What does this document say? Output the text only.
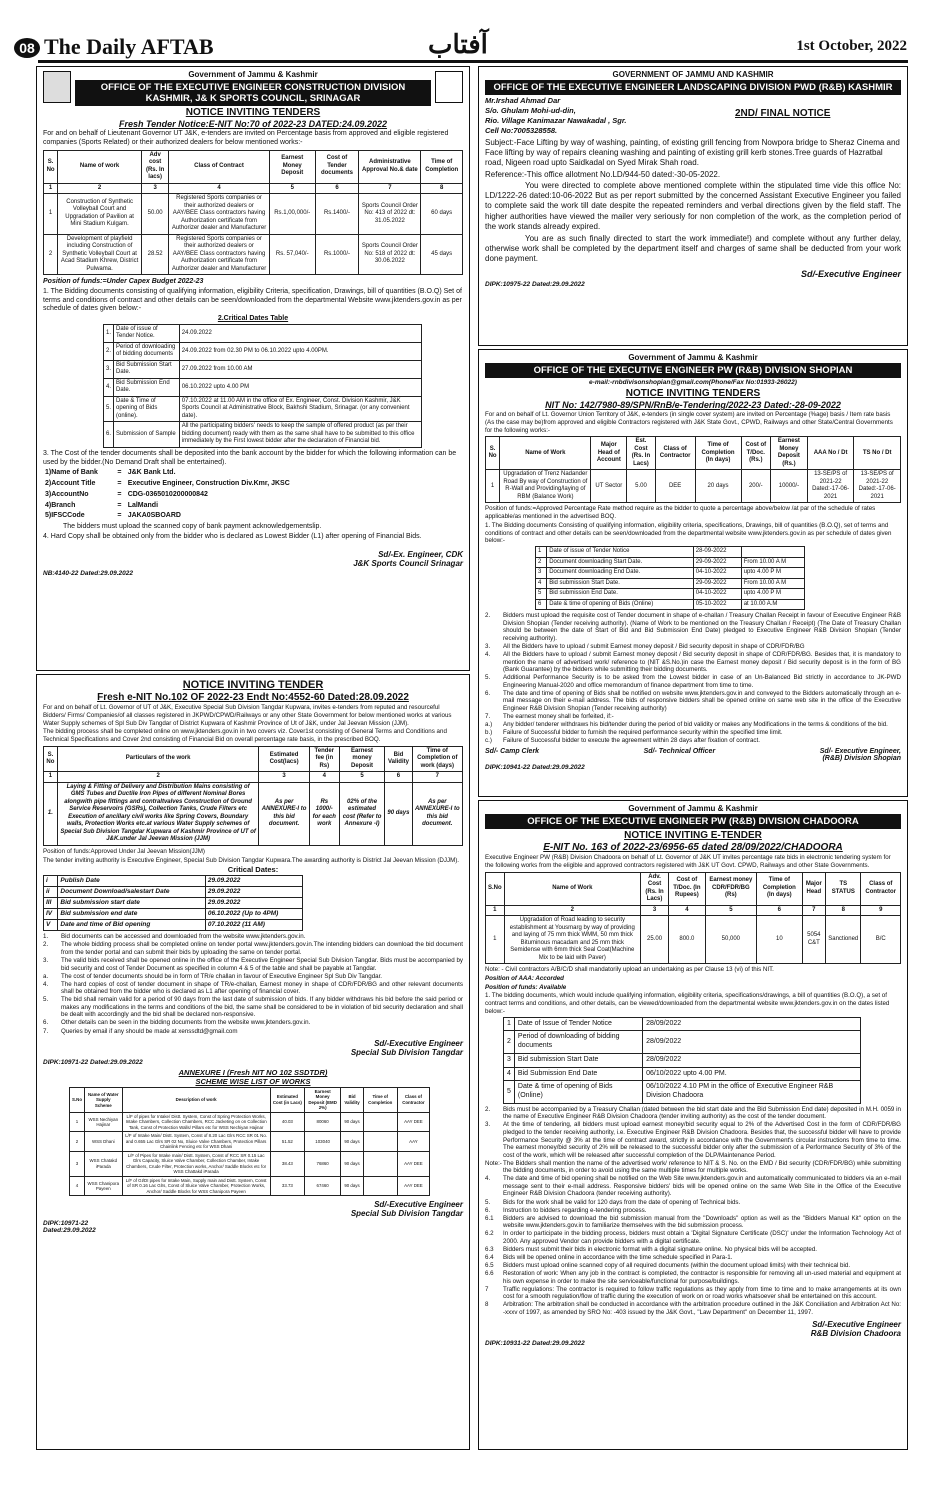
08 The Daily AFTAB	آفتاب	1st October, 2022
Government of Jammu & Kashmir
OFFICE OF THE EXECUTIVE ENGINEER CONSTRUCTION DIVISION KASHMIR, J& K SPORTS COUNCIL, SRINAGAR
NOTICE INVITING TENDERS
Fresh Tender Notice:E-NIT No:70 of 2022-23 DATED:24.09.2022

For and on behalf of Lieutenant Governor UT J&K, e-tenders are invited on Percentage basis from approved and eligible registered companies (Sports Related) or their authorized dealers for below mentioned works:-

S. No	Name of work	Adv cost (Rs. In lacs)	Class of Contract	Earnest Money Deposit	Cost of Tender documents	Administrative Approval No.& date	Time of Completion
1	2	3	4	5	6	7	8
1	Construction of Synthetic Volleyball Court and Upgradation of Pavilion at Mini Stadium Kulgam.	50.00	Registered Sports companies or their authorized dealers or AAY/BEE Class contractors having Authorization certificate from Authorizer dealer and Manufacturer	Rs.1,00,000/-	Rs.1400/-	Sports Council Order No: 413 of 2022 dt: 31.05.2022	60 days
2	Development of playfield including Construction of Synthetic Volleyball Court at Acad Stadium Khrew, District Pulwama.	28.52	Registered Sports companies or their authorized dealers or AAY/BEE Class contractors having Authorization certificate from Authorizer dealer and Manufacturer	Rs. 57,040/-	Rs.1000/-	Sports Council Order No: 518 of 2022 dt: 30.06.2022	45 days

Position of funds:=Under Capex Budget 2022-23

1. The Bidding documents consisting of qualifying information, eligibility Criteria, specification, Drawings, bill of quantities (B.O.Q) Set of terms and conditions of contract and other details can be seen/downloaded from the departmental Website www.jktenders.gov.in as per schedule of dates given below:-

2.Critical Dates Table
1.	Date of issue of Tender Notice.	24.09.2022
2.	Period of downloading of bidding documents	24.09.2022 from 02.30 PM to 06.10.2022 upto 4.00PM.
3.	Bid Submission Start Date.	27.09.2022 from 10.00 AM
4.	Bid Submission End Date.	06.10.2022 upto 4.00 PM
5.	Date & Time of opening of Bids (online).	07.10.2022 at 11.00 AM in the office of Ex. Engineer, Const. Division Kashmir, J&K Sports Council at Administrative Block, Bakhshi Stadium, Srinagar. (or any convenient date).
6.	Submission of Sample	All the participating bidders' needs to keep the sample of offered product (as per their bidding document) ready with them as the same shall have to be submitted to this office immediately by the First lowest bidder after the declaration of Financial bid.

3. The Cost of the tender documents shall be deposited into the bank account by the bidder for which the following information can be used by the bidder.(No Demand Draft shall be entertained).

1)Name of Bank	=	J&K Bank Ltd.
2)Account Title	=	Executive Engineer, Construction Div.Kmr, JKSC
3)AccountNo	=	CDG-0365010200000842
4)Branch	=	LalMandi
5)IFSCCode	=	JAKA0SBOARD

The bidders must upload the scanned copy of bank payment acknowledgementslip.

4. Hard Copy shall be obtained only from the bidder who is declared as Lowest Bidder (L1) after opening of Financial Bids.

Sd/-Ex. Engineer, CDK
J&K Sports Council Srinagar
NB:4140-22 Dated:29.09.2022
GOVERNMENT OF JAMMU AND KASHMIR
OFFICE OF THE EXECUTIVE ENGINEER LANDSCAPING DIVISION PWD (R&B) KASHMIR
Mr.Irshad Ahmad Dar
S/o. Ghulam Mohi-ud-din,
Rio. Village Kanimazar Nawakadal , Sgr.
Cell No:7005328558.
2ND/ FINAL NOTICE

Subject:-Face Lifting by way of washing, painting, of existing grill fencing from Nowpora bridge to Sheraz Cinema and Face lifting by way of repairs cleaning washing and painting of existing grill kerb stones.Tree guards of Hazratbal road, Nigeen road upto Saidkadal on Syed Mirak Shah road.

Reference:-This office allotment No.LD/944-50 dated:-30-05-2022.

You were directed to complete above mentioned complete within the stipulated time vide this office No: LD/1222-26 dated:10-06-2022 But as per report submitted by the concerned Assistant Executive Engineer you failed to complete said the work till date despite the repeated reminders and verbal directions given by the field staff. The higher authorities have viewed the mailer very seriously for non completion of the work, as the completion period of the work stands already expired.

You are as such finally directed to start the work immediate!) and complete without any further delay, otherwise work shall be completed by the department itself and charges of same shall be deducted from your work done payment.

Sd/-Executive Engineer
DIPK:10975-22 Dated:29.09.2022
Government of Jammu & Kashmir
OFFICE OF THE EXECUTIVE ENGINEER PW (R&B) DIVISION SHOPIAN
e-mail:-rnbdivisonshopian@gmail.com(Phone/Fax No:01933-26022)
NOTICE INVITING TENDERS
NIT No: 142/7980-89/SPN/RnB/e-Tendering/2022-23 Dated:-28-09-2022

For and on behalf of Lt. Governor Union Territory of J&K, e-tenders (in single cover system) are invited on Percentage (%age) basis / Item rate basis (As the case may be)from approved and eligible Contractors registered with J&K State Govt., CPWD, Railways and other State/Central Governments for the following works:-

S. No	Name of Work	Major Head of Account	Est. Cost (Rs. In Lacs)	Class of Contractor	Time of Completion (In days)	Cost of T/Doc. (Rs.)	Earnest Money Deposit (Rs.)	AAA No / Dt	TS No / Dt
1	Upgradation of Trenz Nadander Road By way of Construction of R-Wall and Providing/laying of RBM (Balance Work)	UT Sector	5.00	DEE	20 days	200/-	10000/-	13-SE/PS of 2021-22 Dated:-17-06-2021	13-SE/PS of 2021-22 Dated:-17-06-2021

Position of funds:=Approved Percentage Rate method require as the bidder to quote a percentage above/below /at par of the schedule of rates applicable/as mentioned in the advertised BOQ.

1. The Bidding documents Consisting of qualifying information, eligibility criteria, specifications, Drawings, bill of quantities (B.O.Q), set of terms and conditions of contract and other details can be seen/downloaded from the departmental website www.jktenders.gov.in as per schedule of dates given below:-

1	Date of issue of Tender Notice	28-09-2022	
2	Document downloading Start Date.	29-09-2022	From 10.00 A M
3	Document downloading End Date.	04-10-2022	upto 4.00 P M
4	Bid submission Start Date.	29-09-2022	From 10.00 A M
5	Bid submission End Date.	04-10-2022	upto 4.00 P M
6	Date & time of opening of Bids (Online)	05-10-2022	at 10.00 A.M
2.	Bidders must upload the requisite cost of Tender document in shape of e-challan / Treasury Challan Receipt in favour of Executive Engineer R&B Division Shopian (Tender receiving authority). (Name of Work to be mentioned on the Treasury Challan / Receipt) (The Date of Treasury Challan should be between the date of Start of Bid and Bid Submission End Date) pledged to Executive Engineer R&B Division Shopian (Tender receiving authority).
3.	All the Bidders have to upload / submit Earnest money deposit / Bid security deposit in shape of CDR/FDR/BG
4.	All the Bidders have to upload / submit Earnest money deposit / Bid security deposit in shape of CDR/FDR/BG. Besides that, it is mandatory to mention the name of advertised work/ reference to (NIT &S.No.)in case the Earnest money deposit / Bid security deposit is in the form of BG (Bank Guarantee) by the bidders while submitting their bidding documents.
5.	Additional Performance Security is to be asked from the Lowest bidder in case of an Un-Balanced Bid strictly in accordance to JK-PWD Engineering Manual-2020 and office memorandum of finance department from time to time.
6.	The date and time of opening of Bids shall be notified on website www.jktenders.gov.in and conveyed to the Bidders automatically through an e-mail message on their e-mail address. The bids of responsive bidders shall be opened online on same web site in the office of the Executive Engineer R&B Division Shopian (Tender receiving authority)
7.	The earnest money shall be forfeited, if:-
a.)	Any bidder/ tenderer withdraws his bid/tender during the period of bid validity or makes any Modifications in the terms & conditions of the bid.
b.)	Failure of Successful bidder to furnish the required performance security within the specified time limit.
c.)	Failure of Successful bidder to execute the agreement within 28 days after fixation of contract.
Sd/- Camp Clerk	Sd/- Technical Officer	Sd/- Executive Engineer,
(R&B) Division Shopian
DIPK:10941-22 Dated:29.09.2022
NOTICE INVITING TENDER
Fresh e-NIT No.102 OF 2022-23 Endt No:4552-60 Dated:28.09.2022

For and on behalf of Lt. Governor of UT of J&K, Executive Special Sub Division Tangdar Kupwara, invites e-tenders from reputed and resourceful Bidders/ Firms/ Companies/of all classes registered in JKPWD/CPWD/Railways or any other State Government for below mentioned works at various Water Supply schemes of Spl Sub Div Tangdar of District Kupwara of Kashmir Province of Ut of J&K, under Jal Jeevan Mission (JJM).

The bidding process shall be completed online on www.jktenders.gov.in in two covers viz. Cover1st consisting of General Terms and Conditions and Technical Specifications and Cover 2nd consisting of Financial Bid on overall percentage rate basis, in the prescribed BOQ.

S. No	Particulars of the work	Estimated Cost(lacs)	Tender fee (in Rs)	Earnest money Deposit	Bid Validity	Time of Completion of work (days)
1	2	3	4	5	6	7
1.	Laying & Fitting of Delivery and Distribution Mains consisting of GMS Tubes and Ductile Iron Pipes of different Nominal Bores alongwith pipe fittings and contraltvalves Construction of Ground Service Reservoirs (GSRs), Collection Tanks, Crude Filters etc Execution of ancillary civil works like Spring Covers, Boundary walls, Protection Works etc.at various Water Supply schemes of Special Sub Division Tangdar Kupwara of Kashmir Province of UT of J&K.under Jal Jeevan Mission (JJM)	As per ANNEXURE-I to this bid document.	Rs 1000/- for each work	02% of the estimated cost (Refer to Annexure -I)	90 days	As per ANNEXURE-I to this bid document.

Position of funds:Approved Under Jal Jeevan Mission(JJM)

The tender inviting authority is Executive Engineer, Special Sub Division Tangdar Kupwara.The awarding authority is District Jal Jeevan Mission (DJJM).

Critical Dates:
i	Publish Date	29.09.2022
ii	Document Download/salestart Date	29.09.2022
III	Bid submission start date	29.09.2022
IV	Bid submission end date	06.10.2022 (Up to 4PM)
V	Date and time of Bid opening	07.10.2022 (11 AM)
1.	Bid documents can be accessed and downloaded from the website www.jktenders.gov.in.
2.	The whole bidding process shall be completed online on tender portal www.jktenders.gov.in.The intending bidders can download the bid document from the tender portal and can submit their bids by uploading the same on tender portal.
3.	The valid bids received shall be opened online in the office of the Executive Engineer Special Sub Division Tangdar. Bids must be accompanied by bid security and cost of Tender Document as specified in column 4 & 5 of the table and shall be payable at Tangdar.
a.	The cost of tender documents should be in form of TR/e challan in favour of Executive Engineer Spl Sub Div Tangdar.
4.	The hard copies of cost of tender document in shape of TR/e-challan, Earnest money in shape of CDR/FDR/BG and other relevant documents shall be obtained from the bidder who is declared as L1 after opening of financial cover.
5.	The bid shall remain valid for a period of 90 days from the last date of submission of bids. If any bidder withdraws his bid before the said period or makes any modifications in the terms and conditions of the bid, the same shall be considered to be in violation of bid security declaration and shall be dealt with accordingly and the bid shall be declared non-responsive.
6.	Other details can be seen in the bidding documents from the website www.jktenders.gov.in.
7.	Queries by email if any should be made at xenssdtd@gmail.com
Sd/-Executive Engineer
Special Sub Division Tangdar
DIPK:10971-22 Dated:29.09.2022
ANNEXURE I (Fresh NIT NO 102 SSDTDR)
SCHEME WISE LIST OF WORKS
S.No	Name of Water Supply Scheme	Description of work	Estimated Cost (in Lacs)	Earnest Money Deposit (EMD 2%)	Bid Validity	Time of Completion	Class of Contractor
1	WSS Nechiyan Hajinar	L/F of pipes for Intake/ Distt. System, Const of Spring Protection Works, Intake Chambers, Collection Chambers, RCC Jacketing on on Collection Tank, Const of Protection Walls/ Pillars etc for WSS Nechiyan Hajinar	40.03	80060	90 days		AAY DEE
2	WSS Dhani	L/F of Intake Main/ Distt. System, Const of 8.20 Lac Glrs RCC SR 01 No. and 0.655 Lac Glrs SR 02 No, Sluice Valve Chambers, Protection Pillars Chainlink Fencing etc for WSS Dhani	51.52	103040	90 days		AAY
3	WSS Chatakd iParada	L/F of Pipes for Intake main/ Distt. System, Const of RCC SR 0.15 Lac Glrs Capacity, Sluice Valve Chamber, Collection Chamber, Intake Chambers, Crude Filter, Protection works, Anchor/ Saddle Blocks etc for WSS Chattakd iParada	38.43	76860	90 days		AAY DEE
4	WSS Chanipora Payeen	L/F of GI/DI pipes for Intake Main, Supply main and Distt. System, Const of SR 0.16 Lac Glrs, Const of Sluice Valve Chamber, Protection Works, Anchor/ Saddle Blocks for WSS Chanipora Payeen	33.73	67460	90 days		AAY DEE
Sd/-Executive Engineer
Special Sub Division Tangdar
DIPK:10971-22
Dated:29.09.2022
Government of Jammu & Kashmir
OFFICE OF THE EXECUTIVE ENGINEER PW (R&B) DIVISION CHADOORA
NOTICE INVITING E-TENDER
E-NIT No. 163 of 2022-23/6956-65 dated 28/09/2022/CHADOORA

Executive Engineer PW (R&B) Division Chadoora on behalf of Lt. Governor of J&K UT invites percentage rate bids in electronic tendering system for the following works from the eligible and approved contractors registered with J&K UT Govt. CPWD, Railways and other State Governments.

S.No	Name of Work	Adv. Cost (Rs. In Lacs)	Cost of T/Doc. (In Rupees)	Earnest money CDR/FDR/BG (Rs)	Time of Completion (In days)	Major Head	TS STATUS	Class of Contractor
1	2	3	4	5	6	7	8	9
1	Upgradation of Road leading to security establishment at Yousmarg by way of providing and laying of 75 mm thick WMM, 50 mm thick Bituminous macadam and 25 mm thick Semidense with 6mm thick Seal Coat(Machine Mix to be laid with Paver)	25.00	800.0	50,000	10	5054 C&T	Sanctioned	B/C

Note: - Civil contractors A/B/C/D shall mandatorily upload an undertaking as per Clause 13 (vi) of this NIT.

Position of AAA: Accorded

Position of funds: Available

1. The bidding documents, which would include qualifying information, eligibility criteria, specifications/drawings, a bill of quantities (B.O.Q), a set of contract terms and conditions, and other details, can be viewed/downloaded from the departmental website www.jktenders.gov.in on the dates listed below:-

1	Date of Issue of Tender Notice	28/09/2022
2	Period of downloading of bidding documents	28/09/2022
3	Bid submission Start Date	28/09/2022
4	Bid Submission End Date	06/10/2022 upto 4.00 PM.
5	Date & time of opening of Bids (Online)	06/10/2022 4.10 PM in the office of Executive Engineer R&B Division Chadoora
2.	Bids must be accompanied by a Treasury Challan (dated between the bid start date and the Bid Submission End date) deposited in M.H. 0059 in the name of Executive Engineer R&B Division Chadoora (tender inviting authority) as the cost of the tender document.
3.	At the time of tendering, all bidders must upload earnest money/bid security equal to 2% of the Advertised Cost in the form of CDR/FDR/BG pledged to the tender receiving authority, i.e. Executive Engineer R&B Division Chadoora. Besides that, the successful bidder will have to provide Performance Security @ 3% at the time of contract award, strictly in accordance with the Government's circular instructions from time to time. The earnest money/bid security of 2% will be released to the successful bidder only after the submission of a Performance Security of 3% of the cost of the work, which will be released after successful completion of the DLP/Maintenance Period.
Note:- The Bidders shall mention the name of the advertised work/ reference to NIT & S. No. on the EMD / Bid security (CDR/FDR/BG) while submitting the bidding documents, in order to avoid using the same multiple times for multiple works.
4.	The date and time of bid opening shall be notified on the Web Site www.jktenders.gov.in and automatically communicated to bidders via an e-mail message sent to their e-mail address. Responsive bidders' bids will be opened online on the same Web Site in the Office of the Executive Engineer R&B Division Chadoora (tender receiving authority).
5.	Bids for the work shall be valid for 120 days from the date of opening of Technical bids.
6.	Instruction to bidders regarding e-tendering process.
6.1	Bidders are advised to download the bid submission manual from the "Downloads" option as well as the "Bidders Manual Kit" option on the website www.jktenders.gov.in to familiarize themselves with the bid submission process.
6.2	In order to participate in the bidding process, bidders must obtain a 'Digital Signature Certificate (DSC)' under the Information Technology Act of 2000. Any approved Vendor can provide bidders with a digital certificate.
6.3	Bidders must submit their bids in electronic format with a digital signature online. No physical bids will be accepted.
6.4	Bids will be opened online in accordance with the time schedule specified in Para-1.
6.5	Bidders must upload online scanned copy of all required documents (within the document upload limits) with their technical bid.
6.6	Restoration of work: When any job in the contract is completed, the contractor is responsible for removing all un-used material and equipment at his own expense in order to make the site serviceable/functional for purpose/buildings.
7	Traffic regulations: The contractor is required to follow traffic regulations as they apply from time to time and to make arrangements at its own cost for a smooth regulation/flow of traffic during the execution of work on or road works whatsoever shall be entertained on this account.
8	Arbitration: The arbitration shall be conducted in accordance with the arbitration procedure outlined in the J&K Conciliation and Arbitration Act No: -xxxv of 1997, as amended by SRO No: -403 issued by the J&K Govt., "Law Department" on December 11, 1997.
Sd/-Executive Engineer
R&B Division Chadoora
DIPK:10931-22 Dated:29.09.2022
